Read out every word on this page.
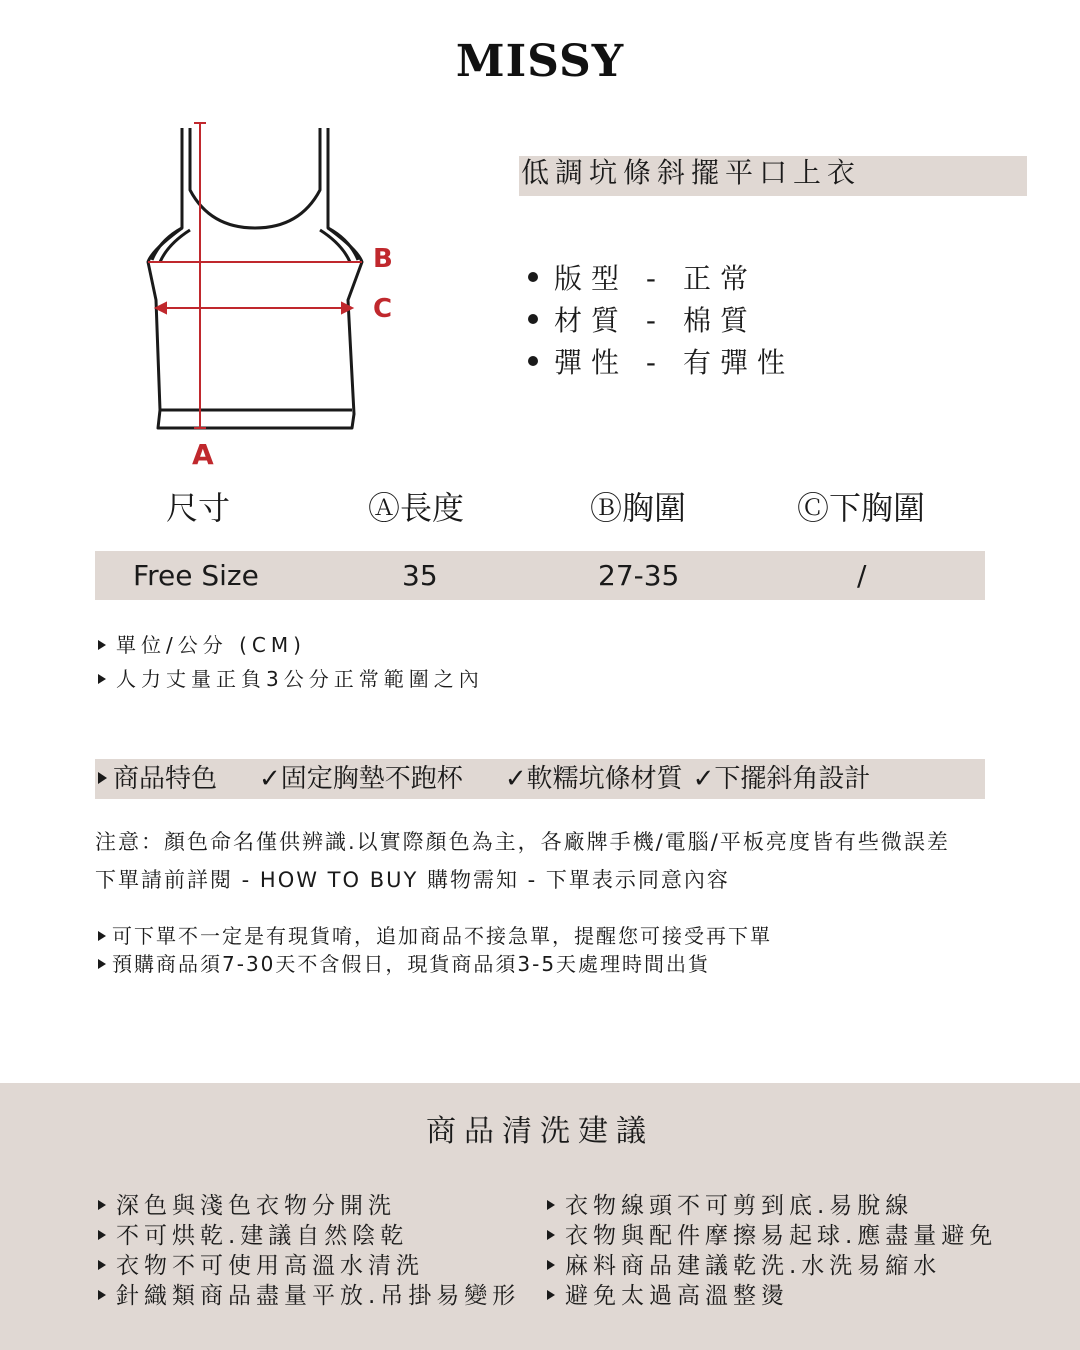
MISSY
B
C
A
低調坑條斜擺平口上衣
版型 - 正常
材質 - 棉質
彈性 - 有彈性
尺寸	Ⓐ長度	Ⓑ胸圍	Ⓒ下胸圍
Free Size	35	27-35	/
單位/公分 (CM)
人力丈量正負3公分正常範圍之內
商品特色 ✓固定胸墊不跑杯 ✓軟糯坑條材質 ✓下擺斜角設計
注意：顏色命名僅供辨識.以實際顏色為主，各廠牌手機/電腦/平板亮度皆有些微誤差
下單請前詳閱 - HOW TO BUY 購物需知 - 下單表示同意內容
可下單不一定是有現貨唷，追加商品不接急單，提醒您可接受再下單
預購商品須7-30天不含假日，現貨商品須3-5天處理時間出貨
商品清洗建議
深色與淺色衣物分開洗
不可烘乾.建議自然陰乾
衣物不可使用高溫水清洗
針織類商品盡量平放.吊掛易變形
衣物線頭不可剪到底.易脫線
衣物與配件摩擦易起球.應盡量避免
麻料商品建議乾洗.水洗易縮水
避免太過高溫整燙
